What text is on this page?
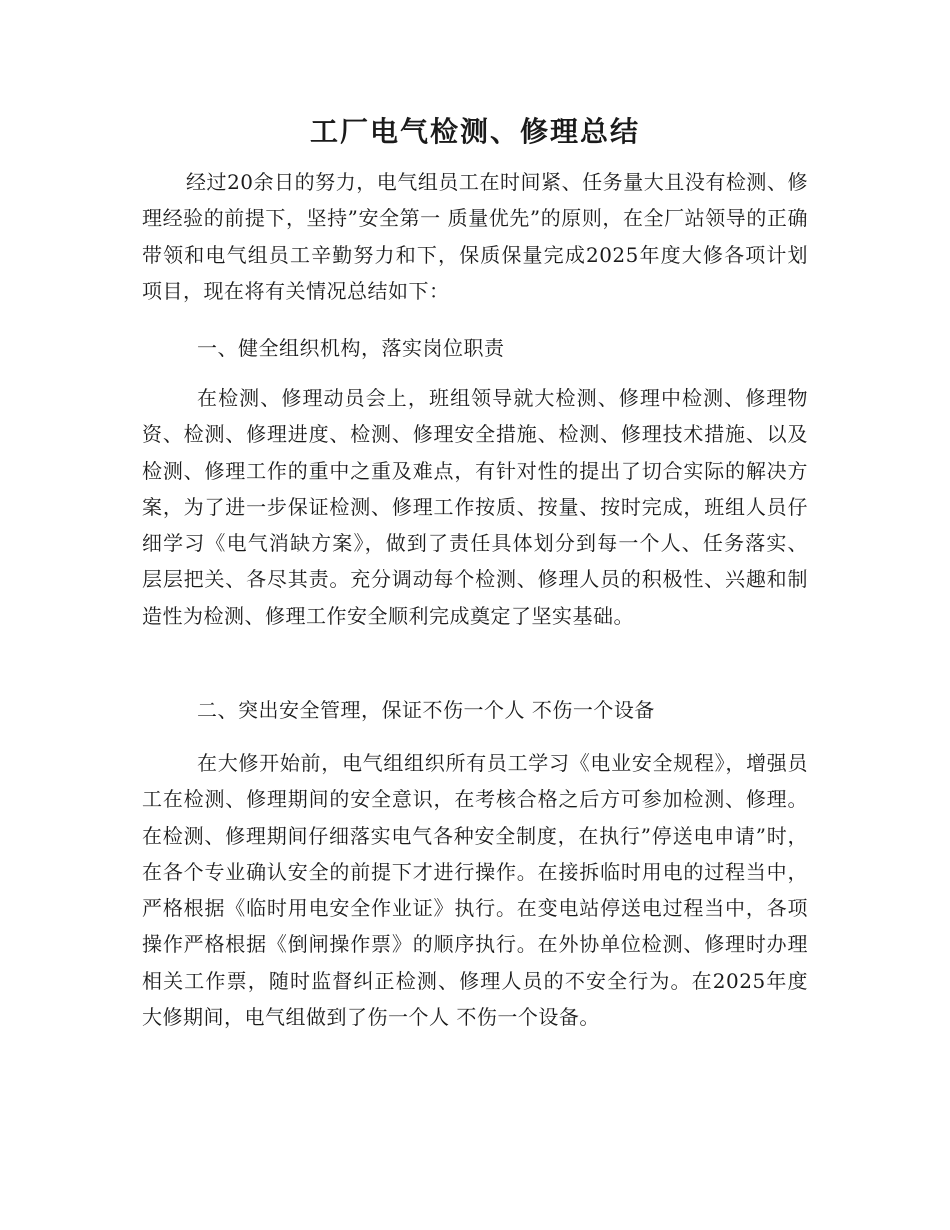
工厂电气检测、修理总结

经过20余日的努力，电气组员工在时间紧、任务量大且没有检测、修理经验的前提下，坚持”安全第一 质量优先”的原则，在全厂站领导的正确带领和电气组员工辛勤努力和下，保质保量完成2025年度大修各项计划项目，现在将有关情况总结如下：

一、健全组织机构，落实岗位职责

在检测、修理动员会上，班组领导就大检测、修理中检测、修理物资、检测、修理进度、检测、修理安全措施、检测、修理技术措施、以及检测、修理工作的重中之重及难点，有针对性的提出了切合实际的解决方案，为了进一步保证检测、修理工作按质、按量、按时完成，班组人员仔细学习《电气消缺方案》，做到了责任具体划分到每一个人、任务落实、层层把关、各尽其责。充分调动每个检测、修理人员的积极性、兴趣和制造性为检测、修理工作安全顺利完成奠定了坚实基础。

二、突出安全管理，保证不伤一个人 不伤一个设备

在大修开始前，电气组组织所有员工学习《电业安全规程》，增强员工在检测、修理期间的安全意识，在考核合格之后方可参加检测、修理。在检测、修理期间仔细落实电气各种安全制度，在执行”停送电申请”时，在各个专业确认安全的前提下才进行操作。在接拆临时用电的过程当中，严格根据《临时用电安全作业证》执行。在变电站停送电过程当中，各项操作严格根据《倒闸操作票》的顺序执行。在外协单位检测、修理时办理相关工作票，随时监督纠正检测、修理人员的不安全行为。在2025年度大修期间，电气组做到了伤一个人 不伤一个设备。
